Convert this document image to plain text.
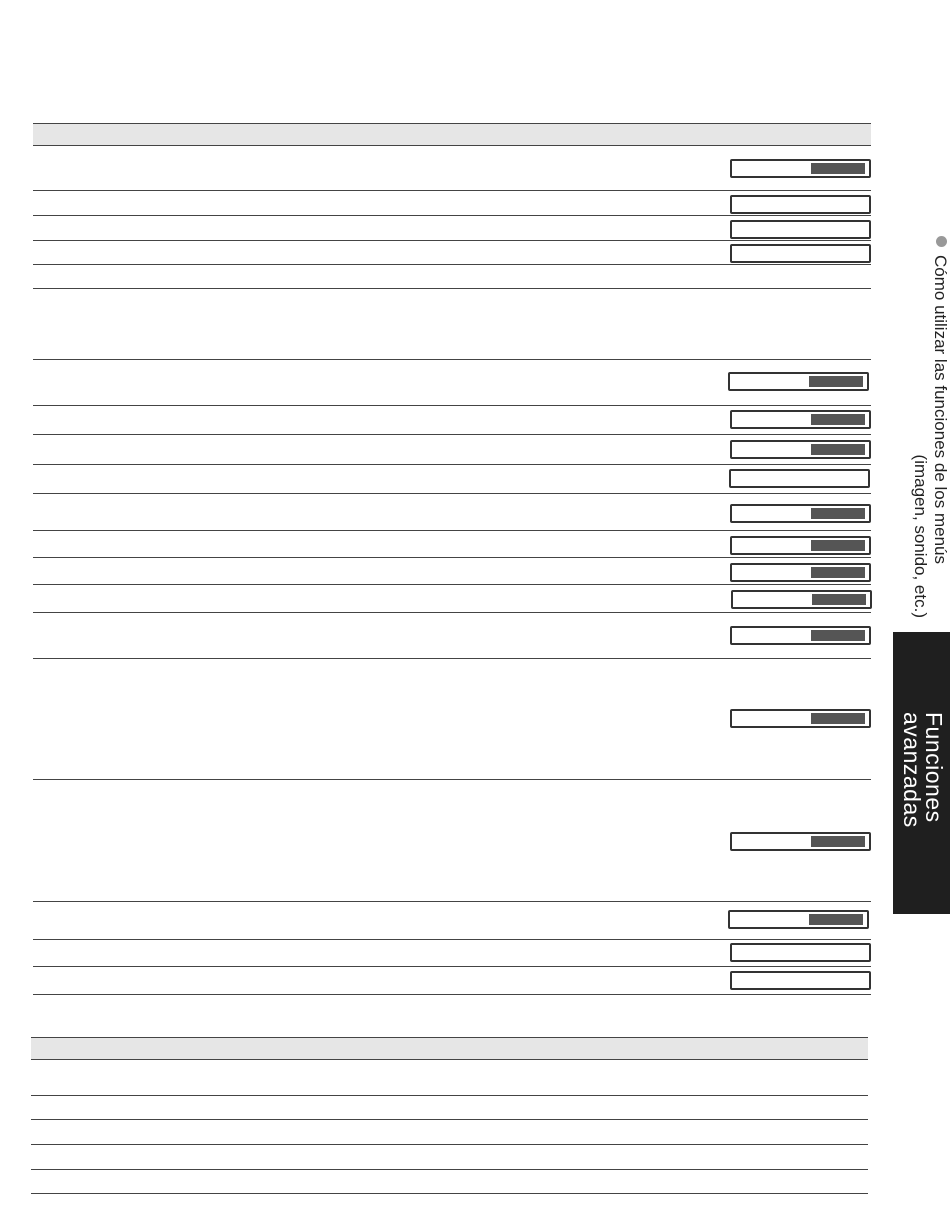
Cómo utilizar las funciones de los menús
(imagen, sonido, etc.)
Funciones
avanzadas
